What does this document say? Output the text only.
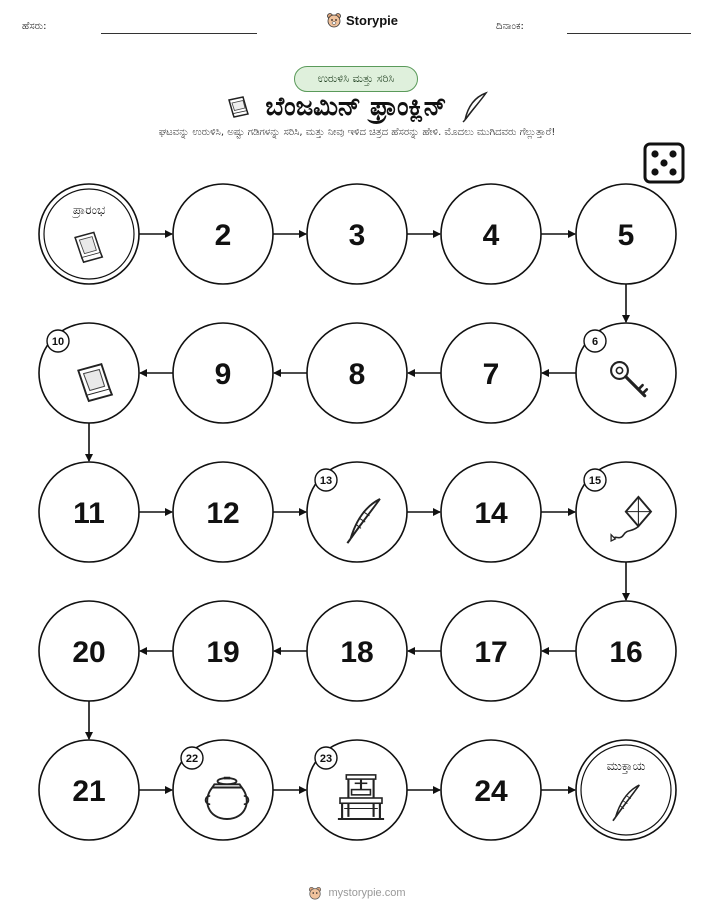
ಹೆಸರು:	Storypie	ದಿನಾಂಕ:
ಉರುಳಿಸಿ ಮತ್ತು ಸರಿಸಿ
ಬೆಂಜಮಿನ್ ಫ್ರಾಂಕ್ಲಿನ್
ಘಟವನ್ನು ಉರುಳಿಸಿ, ಅಷ್ಟು ಗಡಿಗಳನ್ನು ಸರಿಸಿ, ಮತ್ತು ನೀವು ಇಳಿದ ಚಿತ್ರದ ಹೆಸರನ್ನು ಹೇಳಿ. ಮೊದಲು ಮುಗಿದವರು ಗೆಲ್ಲುತ್ತಾರೆ!
ಪ್ರಾರಂಭ
2	3	4	5
6
7
8
9
10
11	12
13
14
15
16
17
18
19
20
21
22	23
24
ಮುಕ್ತಾಯ
mystorypie.com
